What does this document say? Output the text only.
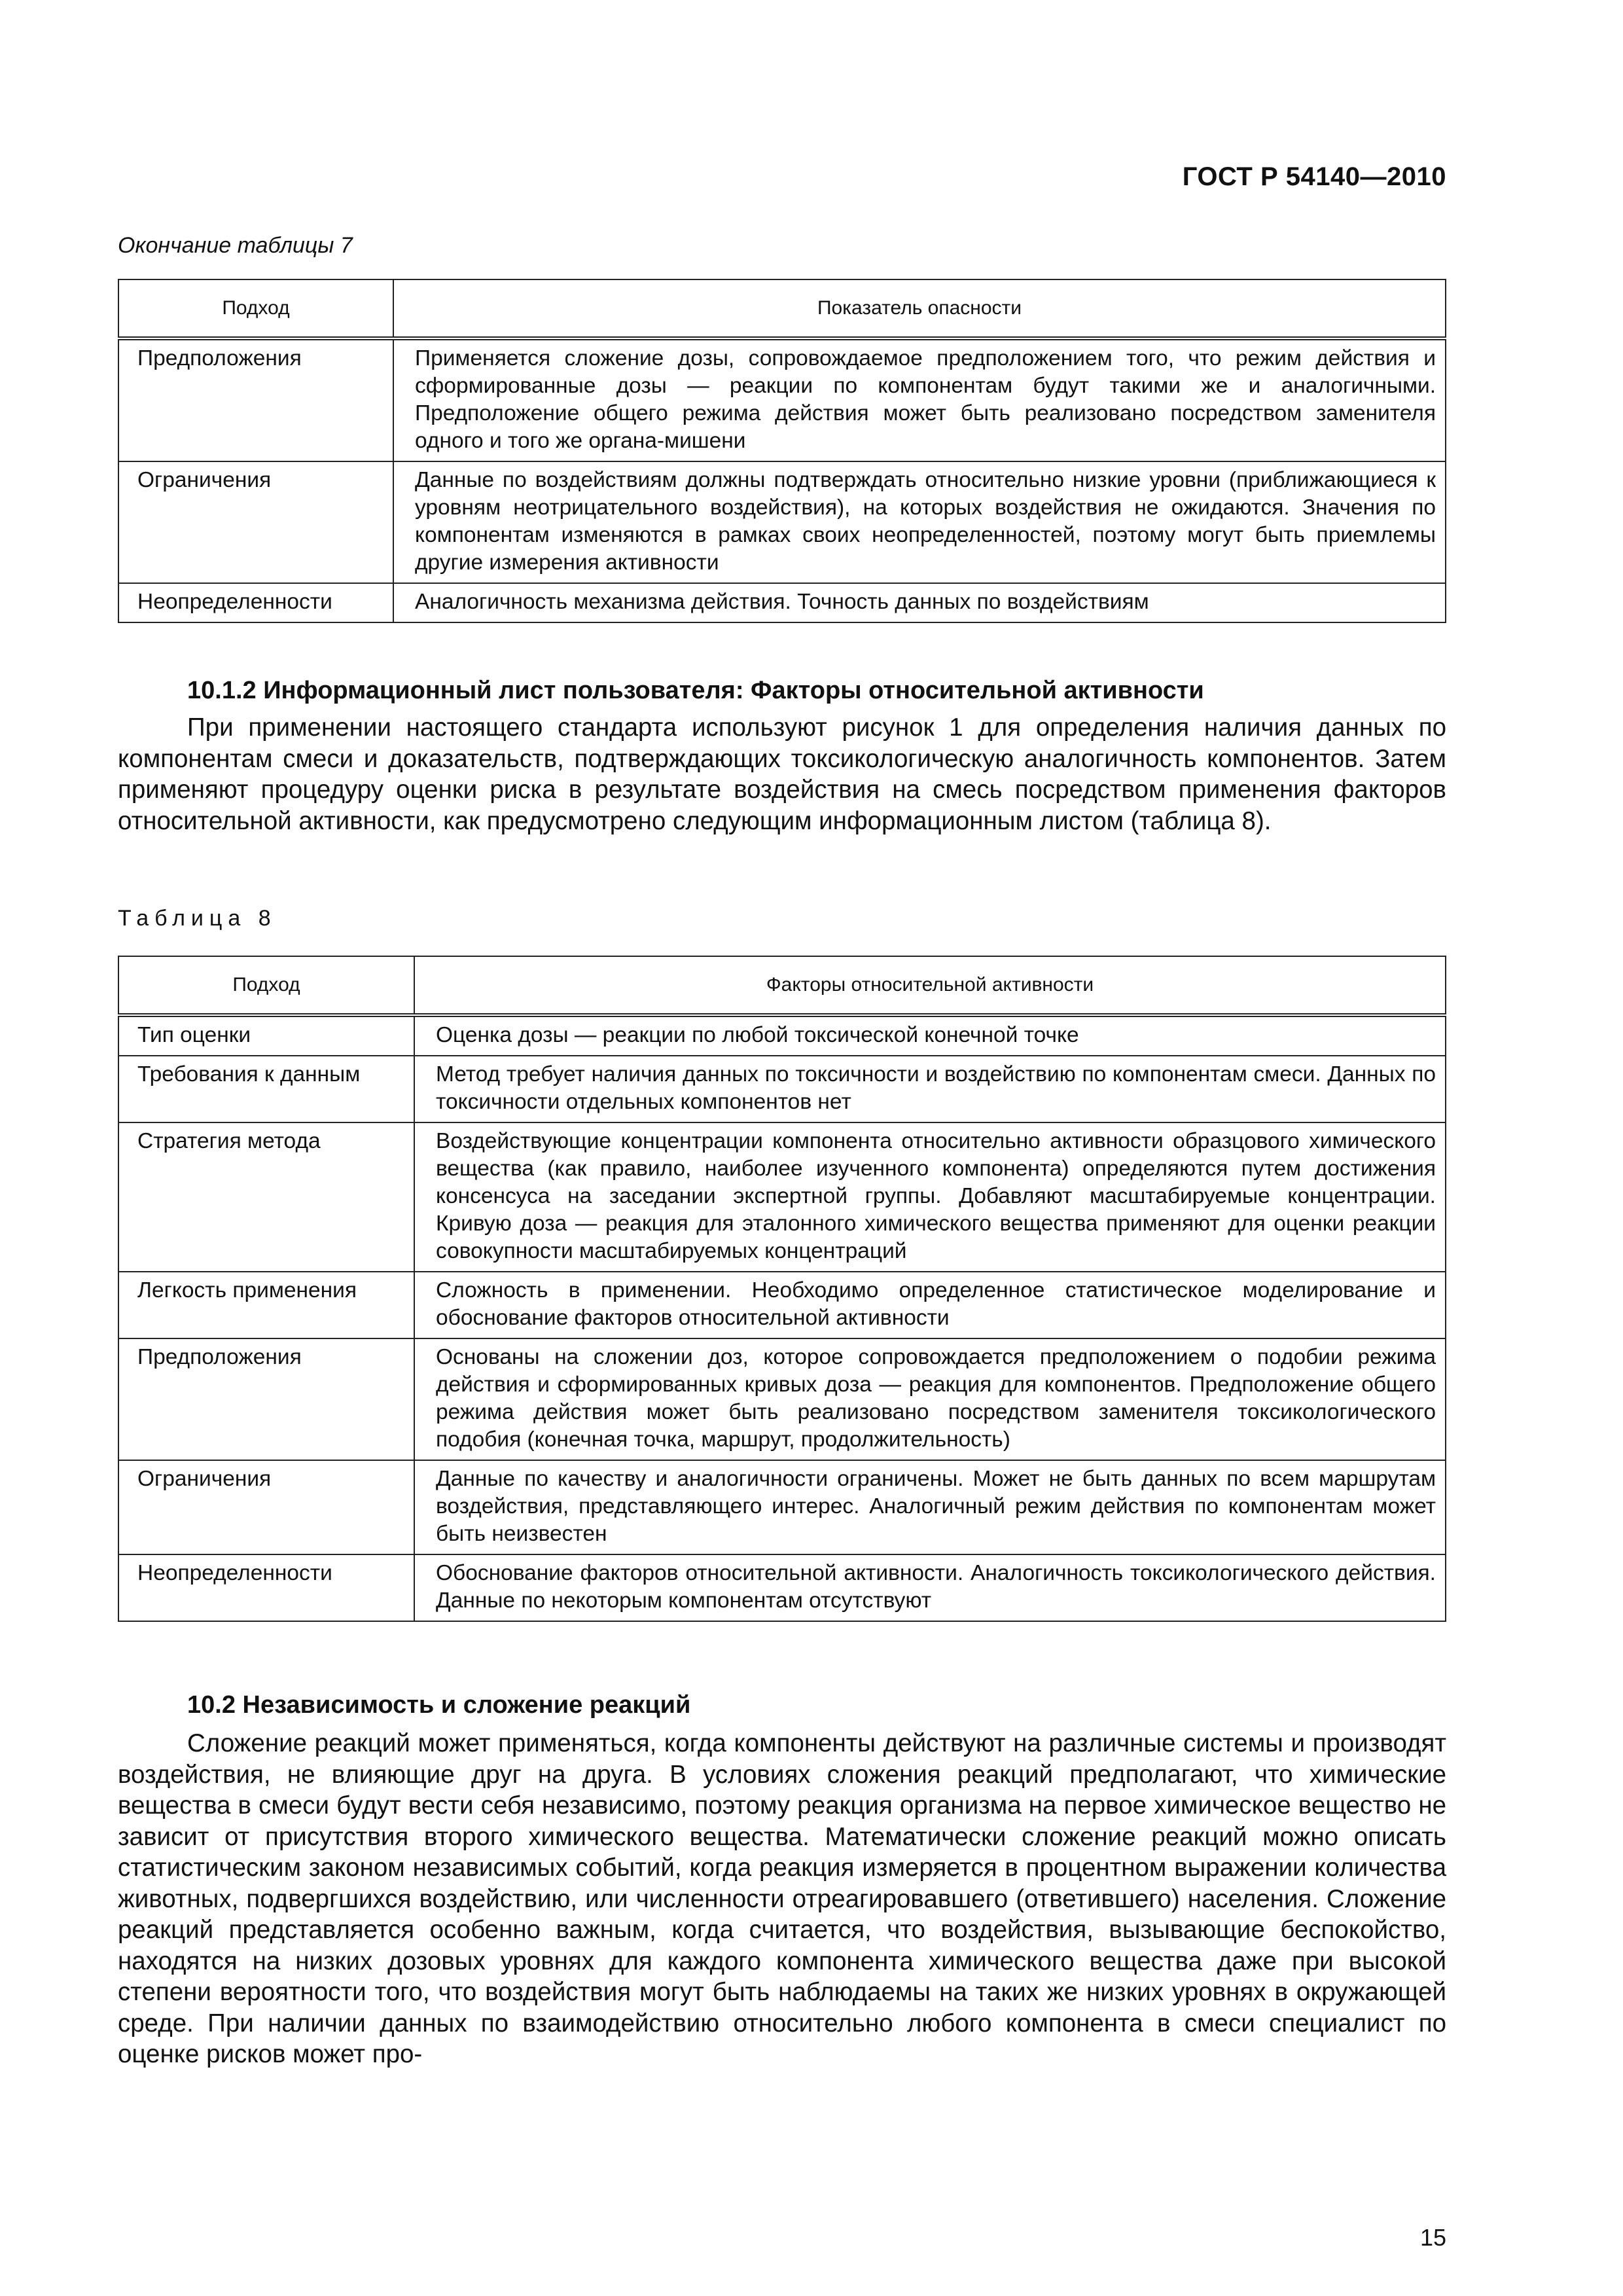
ГОСТ Р 54140—2010
Окончание таблицы 7
Подход	Показатель опасности
Предположения	Применяется сложение дозы, сопровождаемое предположением того, что режим действия и сформированные дозы — реакции по компонентам будут такими же и аналогичными. Предположение общего режима действия может быть реализовано посредством заменителя одного и того же органа-мишени
Ограничения	Данные по воздействиям должны подтверждать относительно низкие уровни (приближающиеся к уровням неотрицательного воздействия), на которых воздействия не ожидаются. Значения по компонентам изменяются в рамках своих неопределенностей, поэтому могут быть приемлемы другие измерения активности
Неопределенности	Аналогичность механизма действия. Точность данных по воздействиям
10.1.2 Информационный лист пользователя: Факторы относительной активности
При применении настоящего стандарта используют рисунок 1 для определения наличия данных по компонентам смеси и доказательств, подтверждающих токсикологическую аналогичность компонентов. Затем применяют процедуру оценки риска в результате воздействия на смесь посредством применения факторов относительной активности, как предусмотрено следующим информационным листом (таблица 8).
Таблица 8
Подход	Факторы относительной активности
Тип оценки	Оценка дозы — реакции по любой токсической конечной точке
Требования к данным	Метод требует наличия данных по токсичности и воздействию по компонентам смеси. Данных по токсичности отдельных компонентов нет
Стратегия метода	Воздействующие концентрации компонента относительно активности образцового химического вещества (как правило, наиболее изученного компонента) определяются путем достижения консенсуса на заседании экспертной группы. Добавляют масштабируемые концентрации. Кривую доза — реакция для эталонного химического вещества применяют для оценки реакции совокупности масштабируемых концентраций
Легкость применения	Сложность в применении. Необходимо определенное статистическое моделирование и обоснование факторов относительной активности
Предположения	Основаны на сложении доз, которое сопровождается предположением о подобии режима действия и сформированных кривых доза — реакция для компонентов. Предположение общего режима действия может быть реализовано посредством заменителя токсикологического подобия (конечная точка, маршрут, продолжительность)
Ограничения	Данные по качеству и аналогичности ограничены. Может не быть данных по всем маршрутам воздействия, представляющего интерес. Аналогичный режим действия по компонентам может быть неизвестен
Неопределенности	Обоснование факторов относительной активности. Аналогичность токсикологического действия. Данные по некоторым компонентам отсутствуют
10.2 Независимость и сложение реакций
Сложение реакций может применяться, когда компоненты действуют на различные системы и производят воздействия, не влияющие друг на друга. В условиях сложения реакций предполагают, что химические вещества в смеси будут вести себя независимо, поэтому реакция организма на первое химическое вещество не зависит от присутствия второго химического вещества. Математически сложение реакций можно описать статистическим законом независимых событий, когда реакция измеряется в процентном выражении количества животных, подвергшихся воздействию, или численности отреагировавшего (ответившего) населения. Сложение реакций представляется особенно важным, когда считается, что воздействия, вызывающие беспокойство, находятся на низких дозовых уровнях для каждого компонента химического вещества даже при высокой степени вероятности того, что воздействия могут быть наблюдаемы на таких же низких уровнях в окружающей среде. При наличии данных по взаимодействию относительно любого компонента в смеси специалист по оценке рисков может про-
15
